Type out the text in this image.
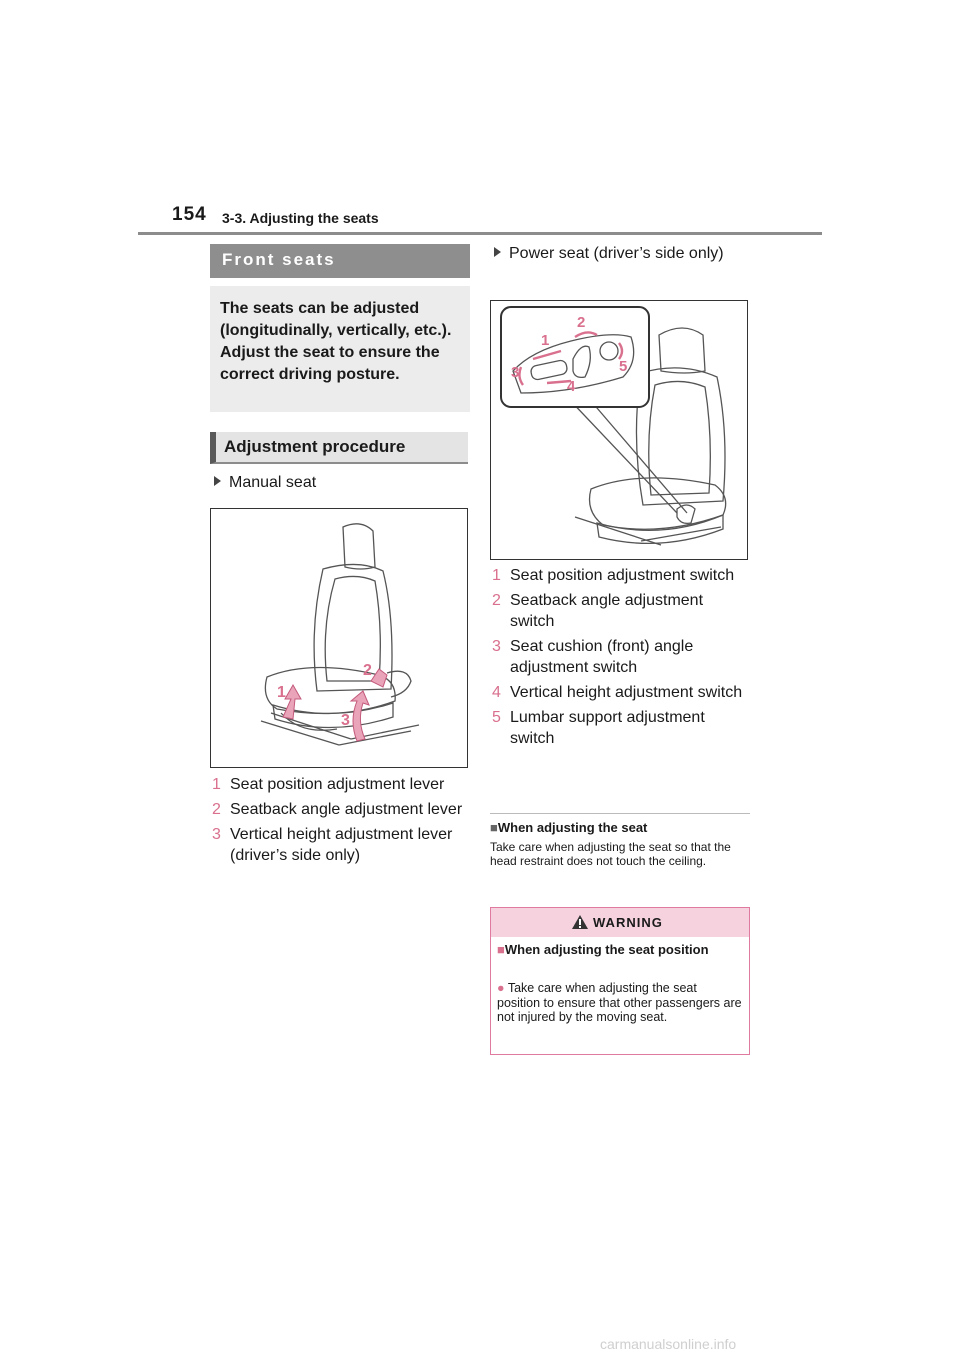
154 3-3. Adjusting the seats
Front seats

The seats can be adjusted (longitudinally, vertically, etc.). Adjust the seat to ensure the correct driving posture.

Adjustment procedure
Manual seat
1
2
3
1 Seat position adjustment lever
2 Seatback angle adjustment lever
3 Vertical height adjustment lever (driver’s side only)
Power seat (driver’s side only)
1
2
3
4
5
1 Seat position adjustment switch
2 Seatback angle adjustment switch
3 Seat cushion (front) angle adjustment switch
4 Vertical height adjustment switch
5 Lumbar support adjustment switch
■When adjusting the seat
Take care when adjusting the seat so that the head restraint does not touch the ceiling.
WARNING
■When adjusting the seat position
● Take care when adjusting the seat position to ensure that other passengers are not injured by the moving seat.
carmanualsonline.info
